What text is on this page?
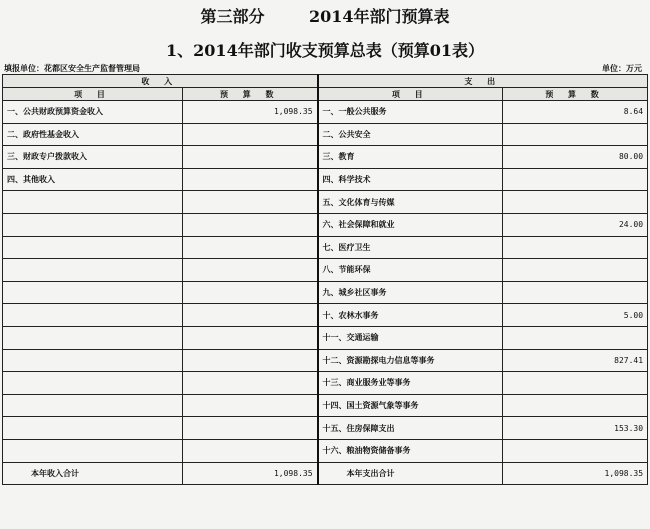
第三部分        2014年部门预算表
1、2014年部门收支预算总表（预算01表）
填报单位：花都区安全生产监督管理局	单位：万元
收 入		支 出	
项 目	预 算 数	项 目	预 算 数
一、公共财政预算资金收入	1,098.35	一、一般公共服务	8.64
二、政府性基金收入		二、公共安全	
三、财政专户拨款收入		三、教育	80.00
四、其他收入		四、科学技术	
		五、文化体育与传媒	
		六、社会保障和就业	24.00
		七、医疗卫生	
		八、节能环保	
		九、城乡社区事务	
		十、农林水事务	5.00
		十一、交通运输	
		十二、资源勘探电力信息等事务	827.41
		十三、商业服务业等事务	
		十四、国土资源气象等事务	
		十五、住房保障支出	153.30
		十六、粮油物资储备事务	
本年收入合计	1,098.35	本年支出合计	1,098.35
